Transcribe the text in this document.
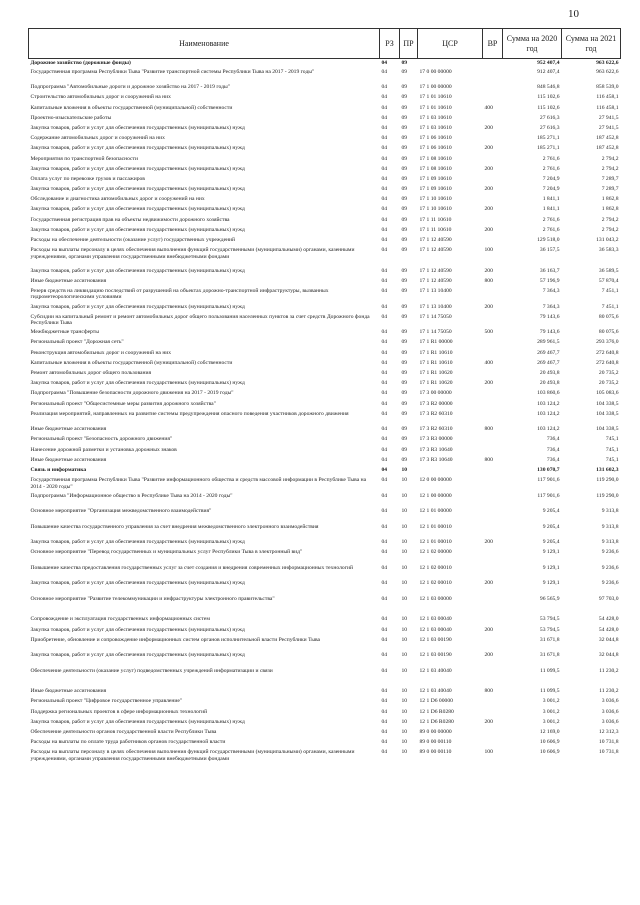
10
Наименование	РЗ	ПР	ЦСР	ВР	Сумма на 2020 год	Сумма на 2021 год
Дорожное хозяйство (дорожные фонды)	04	09			952 407,4	963 622,6
Государственная программа Республики Тыва "Развитие транспортной системы Республики Тыва на 2017 - 2019 годы"	04	09	17 0 00 00000		912 407,4	963 622,6
Подпрограмма "Автомобильные дороги и дорожное хозяйство на 2017 - 2019 годы"	04	09	17 1 00 00000		848 546,8	858 539,0
Строительство автомобильных дорог и сооружений на них	04	09	17 1 01 10610		115 102,6	116 458,1
Капитальные вложения в объекты государственной (муниципальной) собственности	04	09	17 1 01 10610	400	115 102,6	116 458,1
Проектно-изыскательские работы	04	09	17 1 03 10610		27 616,3	27 941,5
Закупка товаров, работ и услуг для обеспечения государственных (муниципальных) нужд	04	09	17 1 03 10610	200	27 616,3	27 941,5
Содержание автомобильных дорог и сооружений на них	04	09	17 1 06 10610		185 271,1	187 452,8
Закупка товаров, работ и услуг для обеспечения государственных (муниципальных) нужд	04	09	17 1 06 10610	200	185 271,1	187 452,8
Мероприятия по транспортной безопасности	04	09	17 1 08 10610		2 761,6	2 794,2
Закупка товаров, работ и услуг для обеспечения государственных (муниципальных) нужд	04	09	17 1 08 10610	200	2 761,6	2 794,2
Оплата услуг по перевозке грузов и пассажиров	04	09	17 1 09 10610		7 204,9	7 289,7
Закупка товаров, работ и услуг для обеспечения государственных (муниципальных) нужд	04	09	17 1 09 10610	200	7 204,9	7 289,7
Обследование и диагностика автомобильных дорог и сооружений на них	04	09	17 1 10 10610		1 841,1	1 862,8
Закупка товаров, работ и услуг для обеспечения государственных (муниципальных) нужд	04	09	17 1 10 10610	200	1 841,1	1 862,8
Государственная регистрация прав на объекты недвижимости дорожного хозяйства	04	09	17 1 11 10610		2 761,6	2 794,2
Закупка товаров, работ и услуг для обеспечения государственных (муниципальных) нужд	04	09	17 1 11 10610	200	2 761,6	2 794,2
Расходы на обеспечение деятельности (оказание услуг) государственных учреждений	04	09	17 1 12 40590		129 518,0	131 043,2
Расходы на выплаты персоналу в целях обеспечения выполнения функций государственными (муниципальными) органами, казенными учреждениями, органами управления государственными внебюджетными фондами	04	09	17 1 12 40590	100	36 157,5	36 583,3
Закупка товаров, работ и услуг для обеспечения государственных (муниципальных) нужд	04	09	17 1 12 40590	200	36 163,7	36 589,5
Иные бюджетные ассигнования	04	09	17 1 12 40590	800	57 196,9	57 870,4
Резерв средств на ликвидацию последствий от разрушений на объектах дорожно-транспортной инфраструктуры, вызванных гидрометеорологическими условиями	04	09	17 1 13 10400		7 364,3	7 451,1
Закупка товаров, работ и услуг для обеспечения государственных (муниципальных) нужд	04	09	17 1 13 10400	200	7 364,3	7 451,1
Субсидии на капитальный ремонт и ремонт автомобильных дорог общего пользования населенных пунктов за счет средств Дорожного фонда Республики Тыва	04	09	17 1 14 75050		79 143,6	80 075,6
Межбюджетные трансферты	04	09	17 1 14 75050	500	79 143,6	80 075,6
Региональный проект "Дорожная сеть"	04	09	17 1 R1 00000		289 961,5	293 376,0
Реконструкция автомобильных дорог и сооружений на них	04	09	17 1 R1 10610		269 467,7	272 640,8
Капитальные вложения в объекты государственной (муниципальной) собственности	04	09	17 1 R1 10610	400	269 467,7	272 640,8
Ремонт автомобильных дорог общего пользования	04	09	17 1 R1 10620		20 493,8	20 735,2
Закупка товаров, работ и услуг для обеспечения государственных (муниципальных) нужд	04	09	17 1 R1 10620	200	20 493,8	20 735,2
Подпрограмма "Повышение безопасности дорожного движения на 2017 - 2019 годы"	04	09	17 3 00 00000		103 860,6	105 083,6
Региональный проект "Общесистемные меры развития дорожного хозяйства"	04	09	17 3 R2 00000		103 124,2	104 338,5
Реализация мероприятий, направленных на развитие системы предупреждения опасного поведения участников дорожного движения	04	09	17 3 R2 60310		103 124,2	104 338,5
Иные бюджетные ассигнования	04	09	17 3 R2 60310	800	103 124,2	104 338,5
Региональный проект "Безопасность дорожного движения"	04	09	17 3 R3 00000		736,4	745,1
Нанесение дорожной разметки и установка дорожных знаков	04	09	17 3 R3 10640		736,4	745,1
Иные бюджетные ассигнования	04	09	17 3 R3 10640	800	736,4	745,1
Связь и информатика	04	10			130 070,7	131 602,3
Государственная программа Республики Тыва "Развитие информационного общества и средств массовой информации в Республике Тыва на 2014 - 2020 годы"	04	10	12 0 00 00000		117 901,6	119 290,0
Подпрограмма "Информационное общество в Республике Тыва на 2014 - 2020 годы"	04	10	12 1 00 00000		117 901,6	119 290,0
Основное мероприятие "Организация межведомственного взаимодействия"	04	10	12 1 01 00000		9 205,4	9 313,8
Повышение качества государственного управления за счет внедрения межведомственного электронного взаимодействия	04	10	12 1 01 00010		9 205,4	9 313,8
Закупка товаров, работ и услуг для обеспечения государственных (муниципальных) нужд	04	10	12 1 01 00010	200	9 205,4	9 313,8
Основное мероприятие "Перевод государственных и муниципальных услуг Республики Тыва в электронный вид"	04	10	12 1 02 00000		9 129,1	9 236,6
Повышение качества предоставления государственных услуг за счет создания и внедрения современных информационных технологий	04	10	12 1 02 00010		9 129,1	9 236,6
Закупка товаров, работ и услуг для обеспечения государственных (муниципальных) нужд	04	10	12 1 02 00010	200	9 129,1	9 236,6
Основное мероприятие "Развитие телекоммуникации и инфраструктуры электронного правительства"	04	10	12 1 03 00000		96 565,9	97 703,0
Сопровождение и эксплуатация государственных информационных систем	04	10	12 1 03 00040		53 794,5	54 428,0
Закупка товаров, работ и услуг для обеспечения государственных (муниципальных) нужд	04	10	12 1 03 00040	200	53 794,5	54 428,0
Приобретение, обновление и сопровождение информационных систем органов исполнительной власти Республики Тыва	04	10	12 1 03 00190		31 671,8	32 044,8
Закупка товаров, работ и услуг для обеспечения государственных (муниципальных) нужд	04	10	12 1 03 00190	200	31 671,8	32 044,8
Обеспечение деятельности (оказание услуг) подведомственных учреждений информатизации и связи	04	10	12 1 03 40040		11 099,5	11 230,2
Иные бюджетные ассигнования	04	10	12 1 03 40040	800	11 099,5	11 230,2
Региональный проект "Цифровое государственное управление"	04	10	12 1 D6 00000		3 001,2	3 036,6
Поддержка региональных проектов в сфере информационных технологий	04	10	12 1 D6 R0280		3 001,2	3 036,6
Закупка товаров, работ и услуг для обеспечения государственных (муниципальных) нужд	04	10	12 1 D6 R0280	200	3 001,2	3 036,6
Обеспечение деятельности органов государственной власти Республики Тыва	04	10	89 0 00 00000		12 169,0	12 312,3
Расходы на выплаты по оплате труда работников органов государственной власти	04	10	89 0 00 00110		10 606,9	10 731,8
Расходы на выплаты персоналу в целях обеспечения выполнения функций государственными (муниципальными) органами, казенными учреждениями, органами управления государственными внебюджетными фондами	04	10	89 0 00 00110	100	10 606,9	10 731,8
